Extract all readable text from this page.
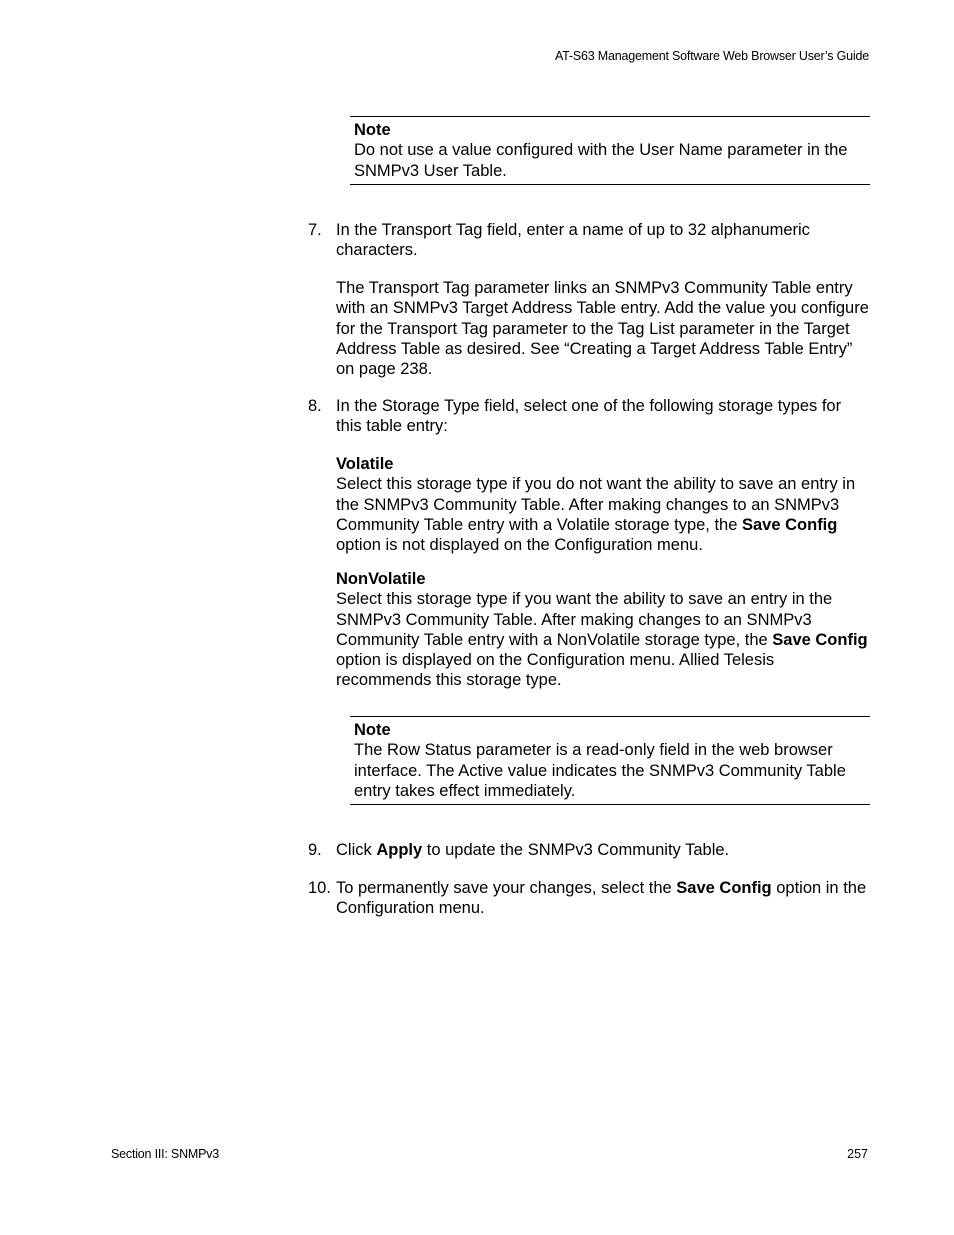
AT-S63 Management Software Web Browser User’s Guide
Note
Do not use a value configured with the User Name parameter in the SNMPv3 User Table.
7. In the Transport Tag field, enter a name of up to 32 alphanumeric characters.
The Transport Tag parameter links an SNMPv3 Community Table entry with an SNMPv3 Target Address Table entry. Add the value you configure for the Transport Tag parameter to the Tag List parameter in the Target Address Table as desired. See “Creating a Target Address Table Entry” on page 238.
8. In the Storage Type field, select one of the following storage types for this table entry:
Volatile
Select this storage type if you do not want the ability to save an entry in the SNMPv3 Community Table. After making changes to an SNMPv3 Community Table entry with a Volatile storage type, the Save Config option is not displayed on the Configuration menu.
NonVolatile
Select this storage type if you want the ability to save an entry in the SNMPv3 Community Table. After making changes to an SNMPv3 Community Table entry with a NonVolatile storage type, the Save Config option is displayed on the Configuration menu. Allied Telesis recommends this storage type.
Note
The Row Status parameter is a read-only field in the web browser interface. The Active value indicates the SNMPv3 Community Table entry takes effect immediately.
9. Click Apply to update the SNMPv3 Community Table.
10. To permanently save your changes, select the Save Config option in the Configuration menu.
Section III: SNMPv3	257
